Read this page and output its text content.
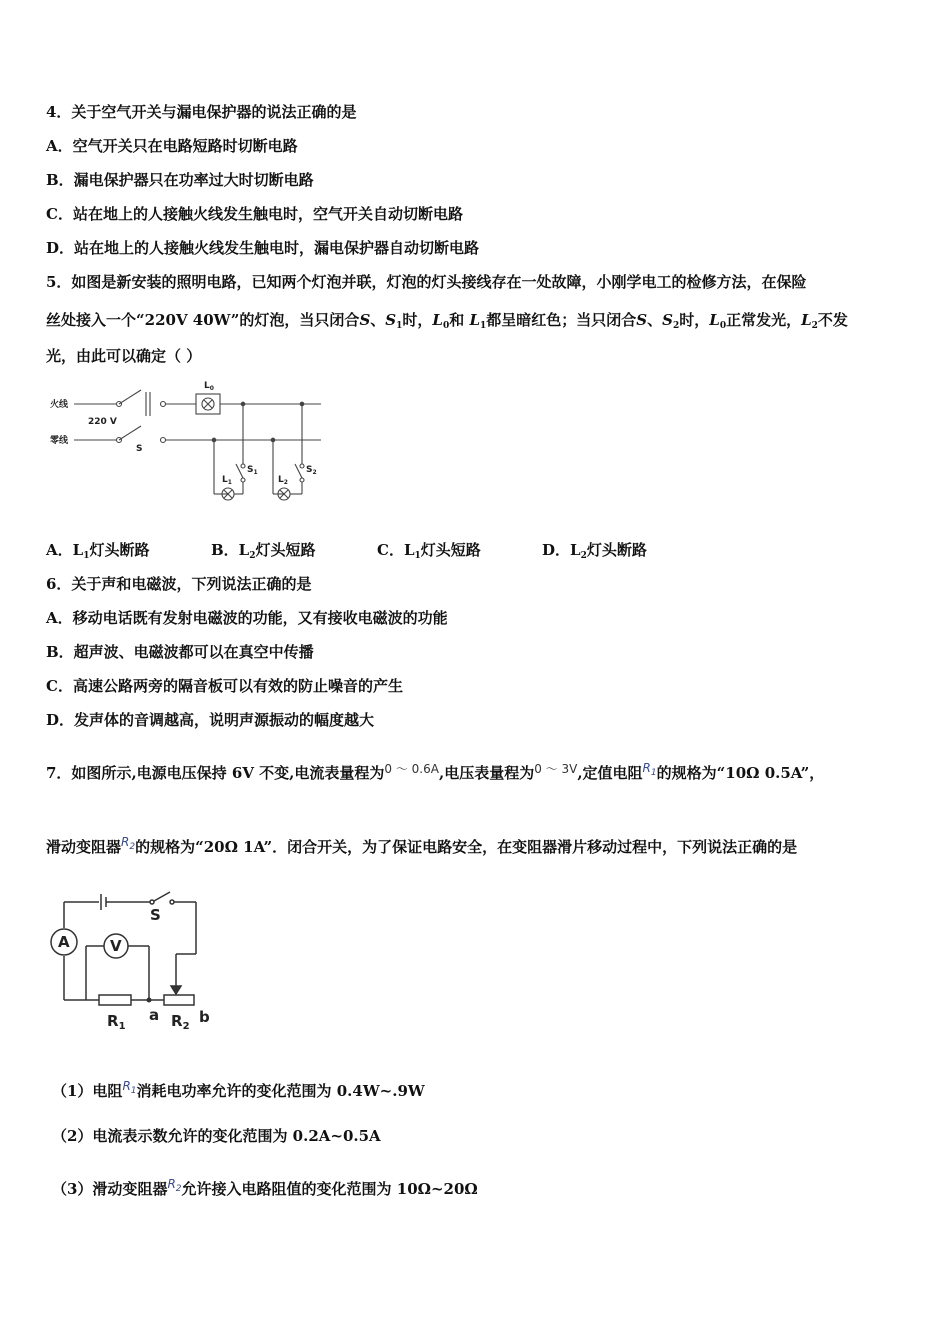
4．关于空气开关与漏电保护器的说法正确的是
A．空气开关只在电路短路时切断电路
B．漏电保护器只在功率过大时切断电路
C．站在地上的人接触火线发生触电时，空气开关自动切断电路
D．站在地上的人接触火线发生触电时，漏电保护器自动切断电路
5．如图是新安装的照明电路，已知两个灯泡并联，灯泡的灯头接线存在一处故障，小刚学电工的检修方法，在保险
丝处接入一个“220V 40W”的灯泡，当只闭合S、$S_1$时，$L_0$和 $L_1$都呈暗红色；当只闭合S、$S_2$时，$L_0$正常发光，$L_2$不发
光，由此可以确定（ ）
火线
零线
220 V
S
$L_0$
$L_1$
$S_1$
$L_2$
$S_2$
A．$L_1$灯头断路	B．$L_2$灯头短路	C．$L_1$灯头短路	D．$L_2$灯头断路
6．关于声和电磁波，下列说法正确的是
A．移动电话既有发射电磁波的功能，又有接收电磁波的功能
B．超声波、电磁波都可以在真空中传播
C．高速公路两旁的隔音板可以有效的防止噪音的产生
D．发声体的音调越高，说明声源振动的幅度越大
7．如图所示,电源电压保持 6V 不变,电流表量程为$^{0 \sim 0.6A}$,电压表量程为$^{0 \sim 3V}$,定值电阻$^{R_1}$的规格为“10Ω 0.5A”，
滑动变阻器$^{R_2}$的规格为“20Ω 1A”．闭合开关，为了保证电路安全，在变阻器滑片移动过程中，下列说法正确的是
S
A	V
$R_1$
a $R_2$
b
（1）电阻$^{R_1}$消耗电功率允许的变化范围为 0.4W~.9W
（2）电流表示数允许的变化范围为 0.2A~0.5A
（3）滑动变阻器$^{R_2}$允许接入电路阻值的变化范围为 10Ω~20Ω
